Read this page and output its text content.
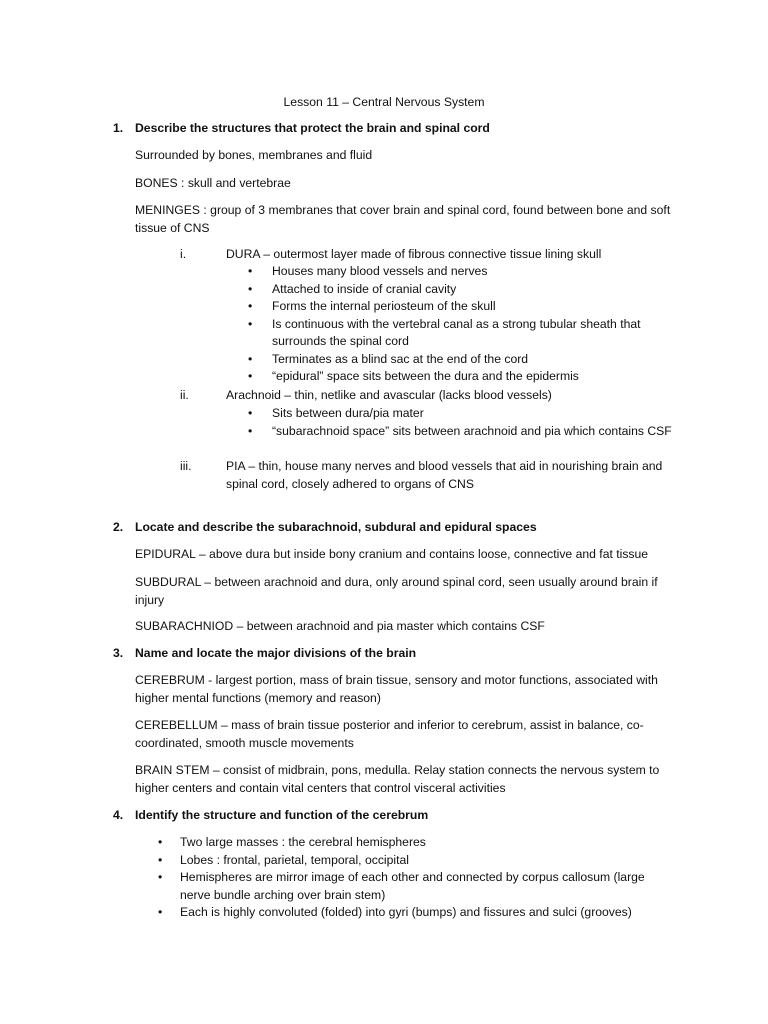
Lesson 11 – Central Nervous System
1. Describe the structures that protect the brain and spinal cord
Surrounded by bones, membranes and fluid
BONES : skull and vertebrae
MENINGES : group of 3 membranes that cover brain and spinal cord, found between bone and soft tissue of CNS
i.	DURA – outermost layer made of fibrous connective tissue lining skull
• Houses many blood vessels and nerves
• Attached to inside of cranial cavity
• Forms the internal periosteum of the skull
• Is continuous with the vertebral canal as a strong tubular sheath that surrounds the spinal cord
• Terminates as a blind sac at the end of the cord
• “epidural” space sits between the dura and the epidermis
ii.	Arachnoid – thin, netlike and avascular (lacks blood vessels)
• Sits between dura/pia mater
• “subarachnoid space” sits between arachnoid and pia which contains CSF
iii.	PIA – thin, house many nerves and blood vessels that aid in nourishing brain and spinal cord, closely adhered to organs of CNS
2. Locate and describe the subarachnoid, subdural and epidural spaces
EPIDURAL – above dura but inside bony cranium and contains loose, connective and fat tissue
SUBDURAL – between arachnoid and dura, only around spinal cord, seen usually around brain if injury
SUBARACHNIOD – between arachnoid and pia master which contains CSF
3. Name and locate the major divisions of the brain
CEREBRUM - largest portion, mass of brain tissue, sensory and motor functions, associated with higher mental functions (memory and reason)
CEREBELLUM – mass of brain tissue posterior and inferior to cerebrum, assist in balance, co-coordinated, smooth muscle movements
BRAIN STEM – consist of midbrain, pons, medulla. Relay station connects the nervous system to higher centers and contain vital centers that control visceral activities
4. Identify the structure and function of the cerebrum
• Two large masses : the cerebral hemispheres
• Lobes : frontal, parietal, temporal, occipital
• Hemispheres are mirror image of each other and connected by corpus callosum (large nerve bundle arching over brain stem)
• Each is highly convoluted (folded) into gyri (bumps) and fissures and sulci (grooves)
